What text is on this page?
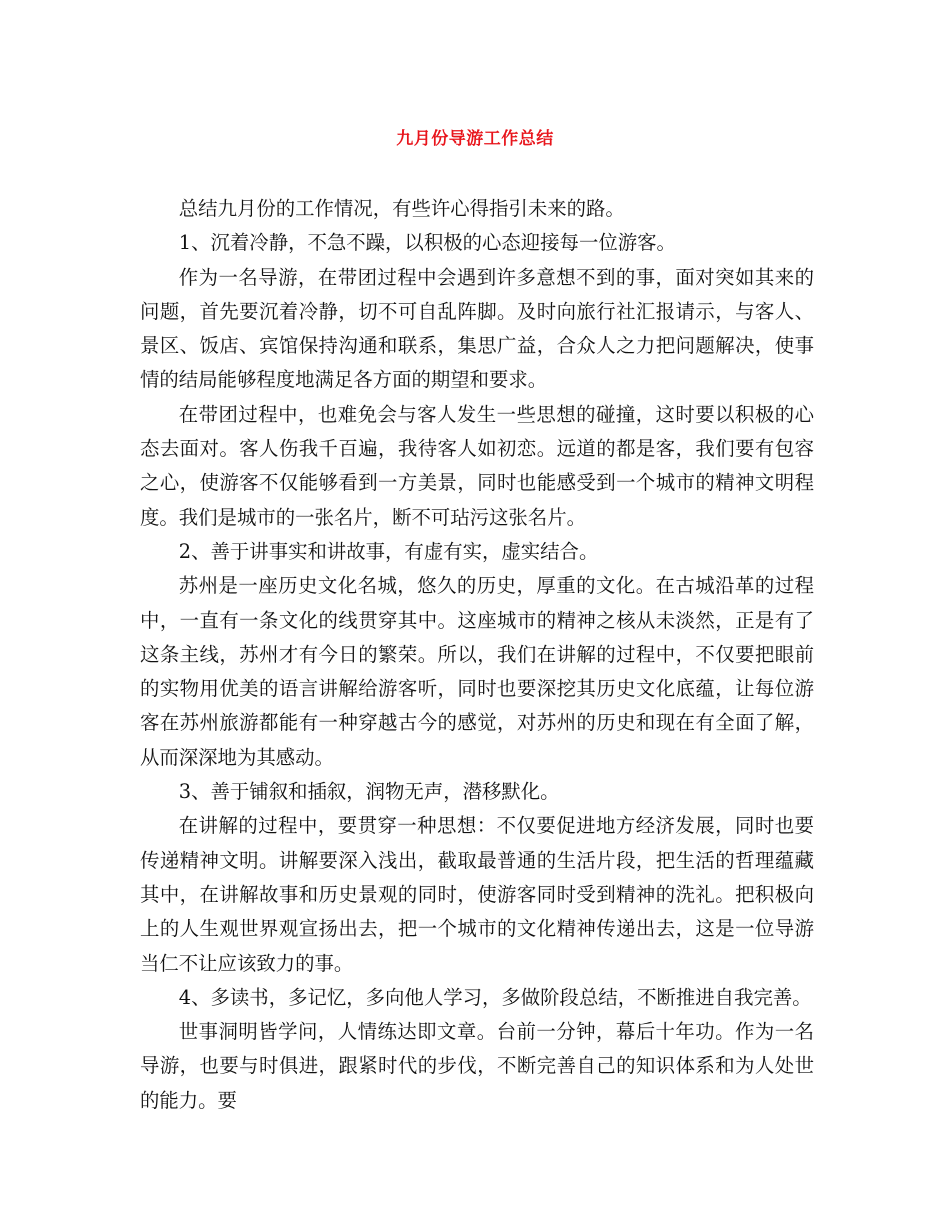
九月份导游工作总结

总结九月份的工作情况，有些许心得指引未来的路。

1、沉着冷静，不急不躁，以积极的心态迎接每一位游客。

作为一名导游，在带团过程中会遇到许多意想不到的事，面对突如其来的问题，首先要沉着冷静，切不可自乱阵脚。及时向旅行社汇报请示，与客人、景区、饭店、宾馆保持沟通和联系，集思广益，合众人之力把问题解决，使事情的结局能够程度地满足各方面的期望和要求。

在带团过程中，也难免会与客人发生一些思想的碰撞，这时要以积极的心态去面对。客人伤我千百遍，我待客人如初恋。远道的都是客，我们要有包容之心，使游客不仅能够看到一方美景，同时也能感受到一个城市的精神文明程度。我们是城市的一张名片，断不可玷污这张名片。

2、善于讲事实和讲故事，有虚有实，虚实结合。

苏州是一座历史文化名城，悠久的历史，厚重的文化。在古城沿革的过程中，一直有一条文化的线贯穿其中。这座城市的精神之核从未淡然，正是有了这条主线，苏州才有今日的繁荣。所以，我们在讲解的过程中，不仅要把眼前的实物用优美的语言讲解给游客听，同时也要深挖其历史文化底蕴，让每位游客在苏州旅游都能有一种穿越古今的感觉，对苏州的历史和现在有全面了解，从而深深地为其感动。

3、善于铺叙和插叙，润物无声，潜移默化。

在讲解的过程中，要贯穿一种思想：不仅要促进地方经济发展，同时也要传递精神文明。讲解要深入浅出，截取最普通的生活片段，把生活的哲理蕴藏其中，在讲解故事和历史景观的同时，使游客同时受到精神的洗礼。把积极向上的人生观世界观宣扬出去，把一个城市的文化精神传递出去，这是一位导游当仁不让应该致力的事。

4、多读书，多记忆，多向他人学习，多做阶段总结，不断推进自我完善。

世事洞明皆学问，人情练达即文章。台前一分钟，幕后十年功。作为一名导游，也要与时俱进，跟紧时代的步伐，不断完善自己的知识体系和为人处世的能力。要
